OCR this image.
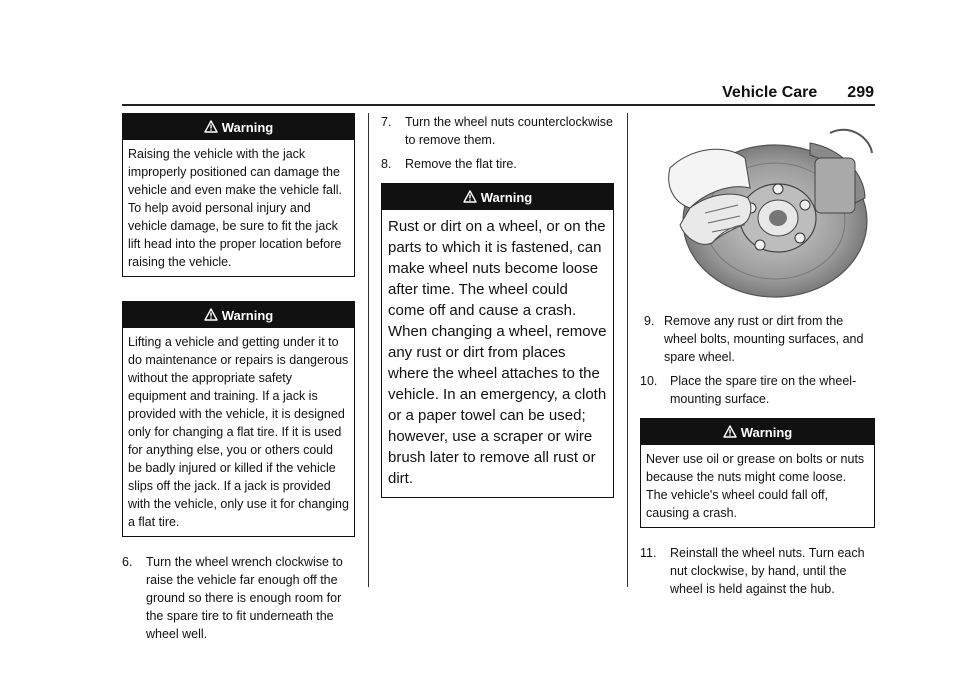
Vehicle Care 299
Warning
Raising the vehicle with the jack improperly positioned can damage the vehicle and even make the vehicle fall. To help avoid personal injury and vehicle damage, be sure to fit the jack lift head into the proper location before raising the vehicle.
Warning
Lifting a vehicle and getting under it to do maintenance or repairs is dangerous without the appropriate safety equipment and training. If a jack is provided with the vehicle, it is designed only for changing a flat tire. If it is used for anything else, you or others could be badly injured or killed if the vehicle slips off the jack. If a jack is provided with the vehicle, only use it for changing a flat tire.
6. Turn the wheel wrench clockwise to raise the vehicle far enough off the ground so there is enough room for the spare tire to fit underneath the wheel well.
7. Turn the wheel nuts counterclockwise to remove them.
8. Remove the flat tire.
Warning
Rust or dirt on a wheel, or on the parts to which it is fastened, can make wheel nuts become loose after time. The wheel could come off and cause a crash. When changing a wheel, remove any rust or dirt from places where the wheel attaches to the vehicle. In an emergency, a cloth or a paper towel can be used; however, use a scraper or wire brush later to remove all rust or dirt.
9. Remove any rust or dirt from the wheel bolts, mounting surfaces, and spare wheel.
10. Place the spare tire on the wheel-mounting surface.
Warning
Never use oil or grease on bolts or nuts because the nuts might come loose. The vehicle's wheel could fall off, causing a crash.
11. Reinstall the wheel nuts. Turn each nut clockwise, by hand, until the wheel is held against the hub.
